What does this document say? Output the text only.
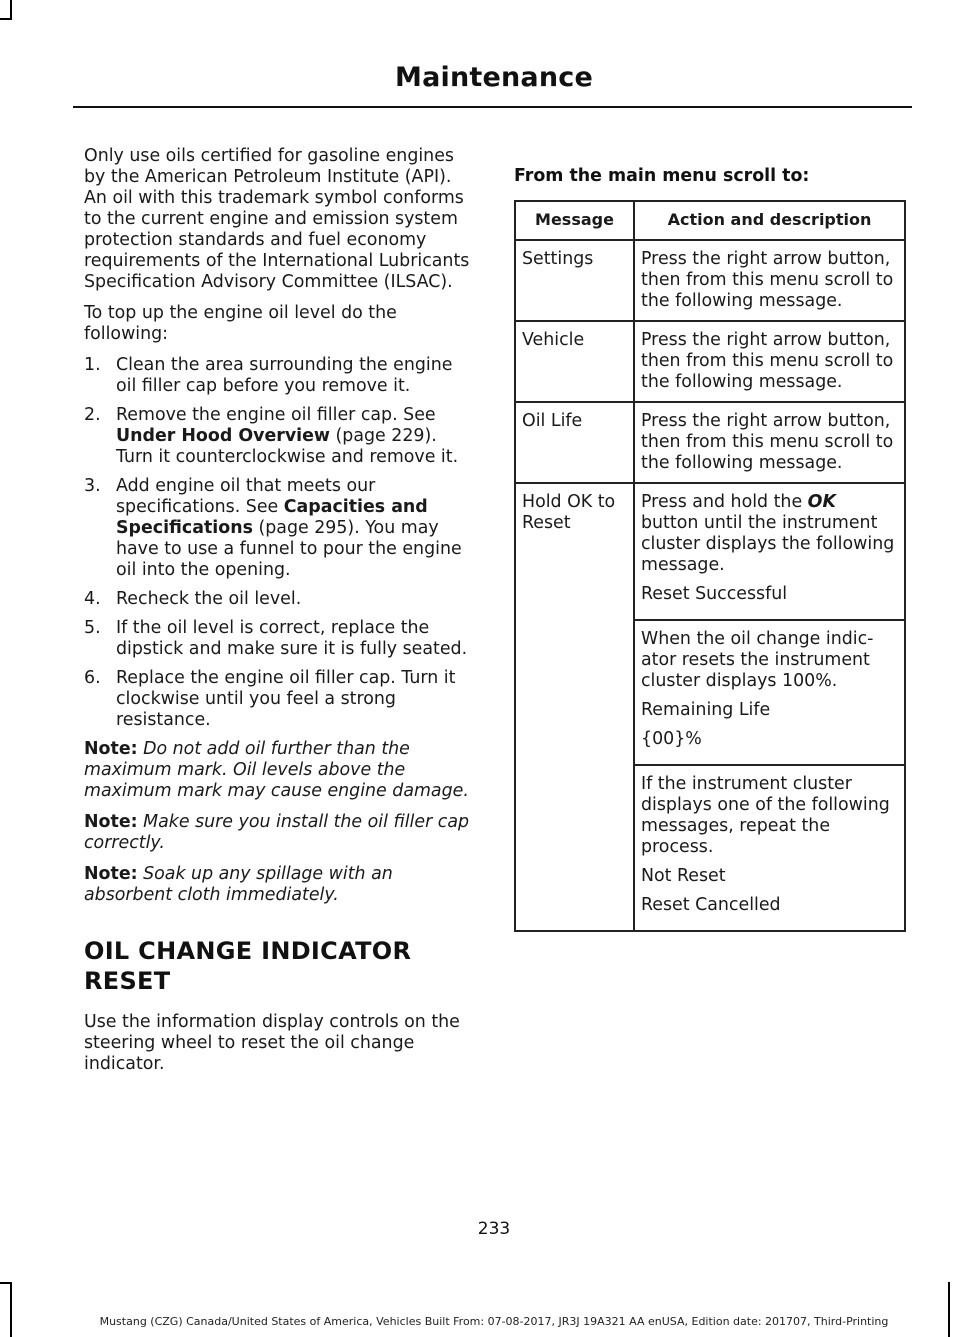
Maintenance

Only use oils certified for gasoline engines by the American Petroleum Institute (API). An oil with this trademark symbol conforms to the current engine and emission system protection standards and fuel economy requirements of the International Lubricants Specification Advisory Committee (ILSAC).

To top up the engine oil level do the following:

1. Clean the area surrounding the engine oil filler cap before you remove it.
2. Remove the engine oil filler cap. See Under Hood Overview (page 229). Turn it counterclockwise and remove it.
3. Add engine oil that meets our specifications. See Capacities and Specifications (page 295). You may have to use a funnel to pour the engine oil into the opening.
4. Recheck the oil level.
5. If the oil level is correct, replace the dipstick and make sure it is fully seated.
6. Replace the engine oil filler cap. Turn it clockwise until you feel a strong resistance.

Note: Do not add oil further than the maximum mark. Oil levels above the maximum mark may cause engine damage.

Note: Make sure you install the oil filler cap correctly.

Note: Soak up any spillage with an absorbent cloth immediately.

OIL CHANGE INDICATOR
RESET

Use the information display controls on the steering wheel to reset the oil change indicator.

From the main menu scroll to:

Message	Action and description
Settings	Press the right arrow button, then from this menu scroll to the following message.
Vehicle	Press the right arrow button, then from this menu scroll to the following message.
Oil Life	Press the right arrow button, then from this menu scroll to the following message.
Hold OK to Reset	Press and hold the OK button until the instrument cluster displays the following message.

Reset Successful

	When the oil change indic-ator resets the instrument cluster displays 100%.

Remaining Life

{00}%

	If the instrument cluster displays one of the following messages, repeat the process.

Not Reset

Reset Cancelled

233
Mustang (CZG) Canada/United States of America, Vehicles Built From: 07-08-2017, JR3J 19A321 AA enUSA, Edition date: 201707, Third-Printing
